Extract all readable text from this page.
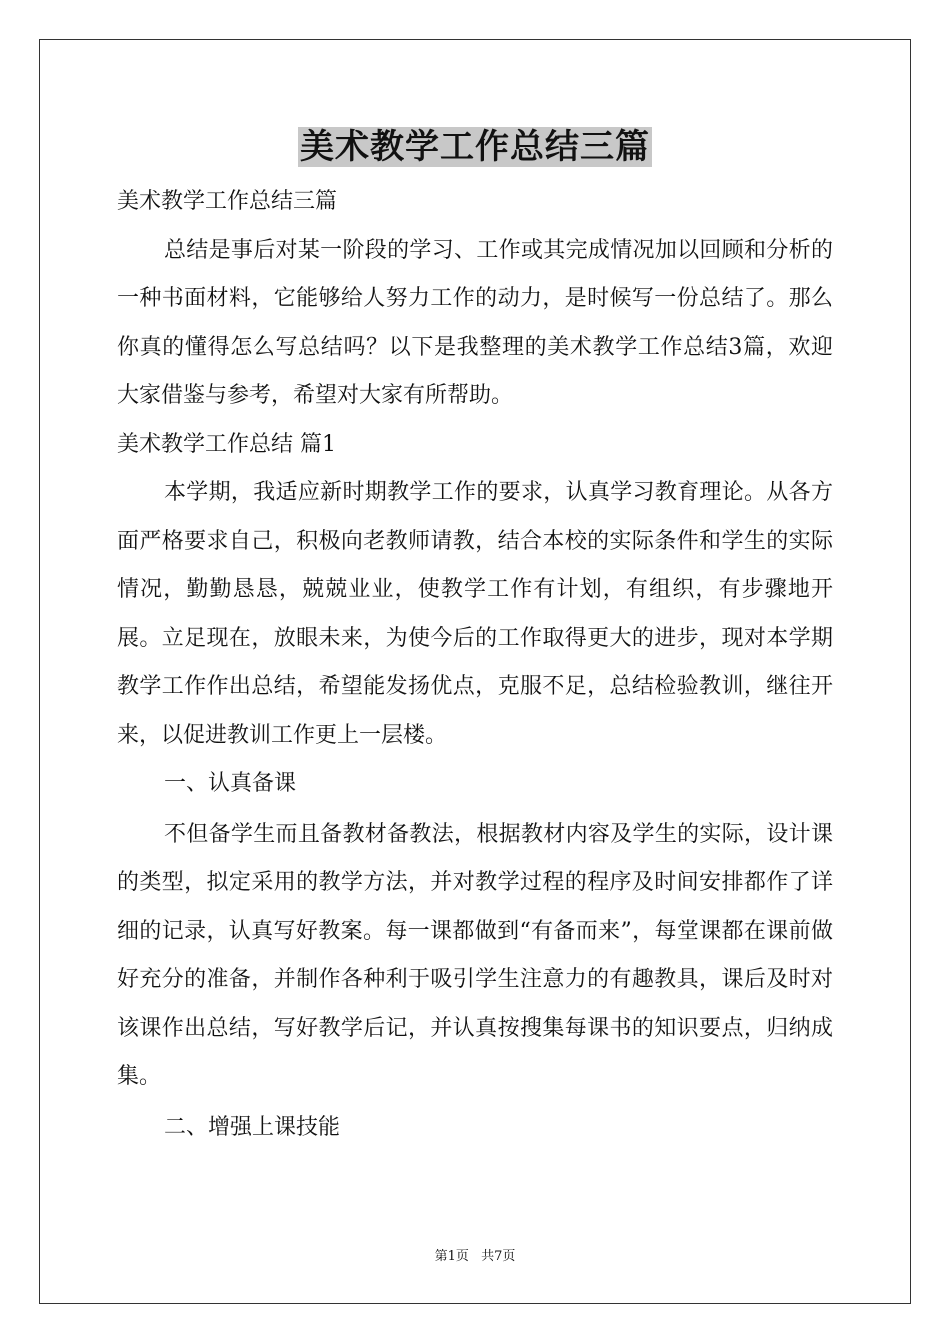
美术教学工作总结三篇

美术教学工作总结三篇

总结是事后对某一阶段的学习、工作或其完成情况加以回顾和分析的一种书面材料，它能够给人努力工作的动力，是时候写一份总结了。那么你真的懂得怎么写总结吗？以下是我整理的美术教学工作总结3篇，欢迎大家借鉴与参考，希望对大家有所帮助。

美术教学工作总结 篇1

本学期，我适应新时期教学工作的要求，认真学习教育理论。从各方面严格要求自己，积极向老教师请教，结合本校的实际条件和学生的实际情况，勤勤恳恳，兢兢业业，使教学工作有计划，有组织，有步骤地开展。立足现在，放眼未来，为使今后的工作取得更大的进步，现对本学期教学工作作出总结，希望能发扬优点，克服不足，总结检验教训，继往开来，以促进教训工作更上一层楼。

一、认真备课

不但备学生而且备教材备教法，根据教材内容及学生的实际，设计课的类型，拟定采用的教学方法，并对教学过程的程序及时间安排都作了详细的记录，认真写好教案。每一课都做到“有备而来”，每堂课都在课前做好充分的准备，并制作各种利于吸引学生注意力的有趣教具，课后及时对该课作出总结，写好教学后记，并认真按搜集每课书的知识要点，归纳成集。

二、增强上课技能

第1页 共7页
